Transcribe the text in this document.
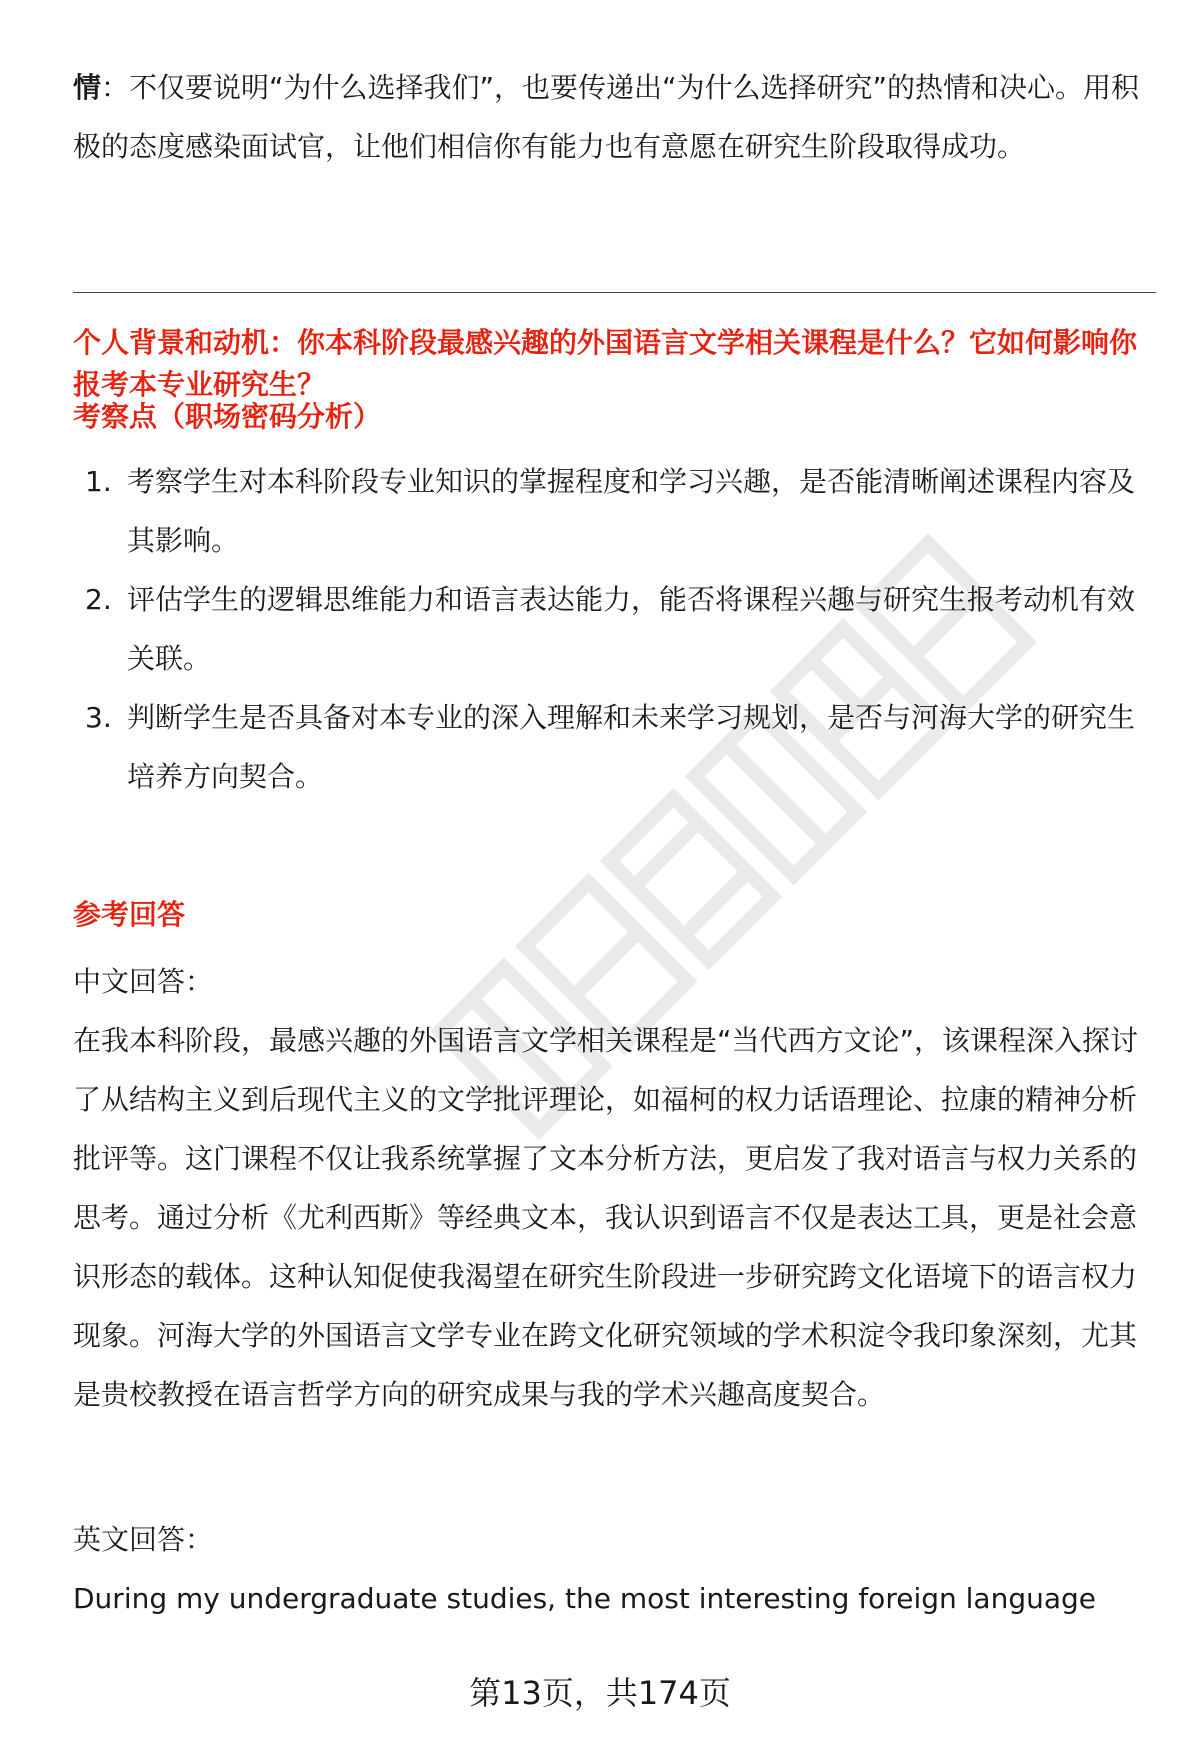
情：不仅要说明“为什么选择我们”，也要传递出“为什么选择研究”的热情和决心。用积极的态度感染面试官，让他们相信你有能力也有意愿在研究生阶段取得成功。

个人背景和动机：你本科阶段最感兴趣的外国语言文学相关课程是什么？它如何影响你报考本专业研究生？
考察点（职场密码分析）
1. 考察学生对本科阶段专业知识的掌握程度和学习兴趣，是否能清晰阐述课程内容及其影响。
2. 评估学生的逻辑思维能力和语言表达能力，能否将课程兴趣与研究生报考动机有效关联。
3. 判断学生是否具备对本专业的深入理解和未来学习规划，是否与河海大学的研究生培养方向契合。
参考回答

中文回答：

在我本科阶段，最感兴趣的外国语言文学相关课程是“当代西方文论”，该课程深入探讨了从结构主义到后现代主义的文学批评理论，如福柯的权力话语理论、拉康的精神分析批评等。这门课程不仅让我系统掌握了文本分析方法，更启发了我对语言与权力关系的思考。通过分析《尤利西斯》等经典文本，我认识到语言不仅是表达工具，更是社会意识形态的载体。这种认知促使我渴望在研究生阶段进一步研究跨文化语境下的语言权力现象。河海大学的外国语言文学专业在跨文化研究领域的学术积淀令我印象深刻，尤其是贵校教授在语言哲学方向的研究成果与我的学术兴趣高度契合。

英文回答：

During my undergraduate studies, the most interesting foreign language

第13页，共174页
